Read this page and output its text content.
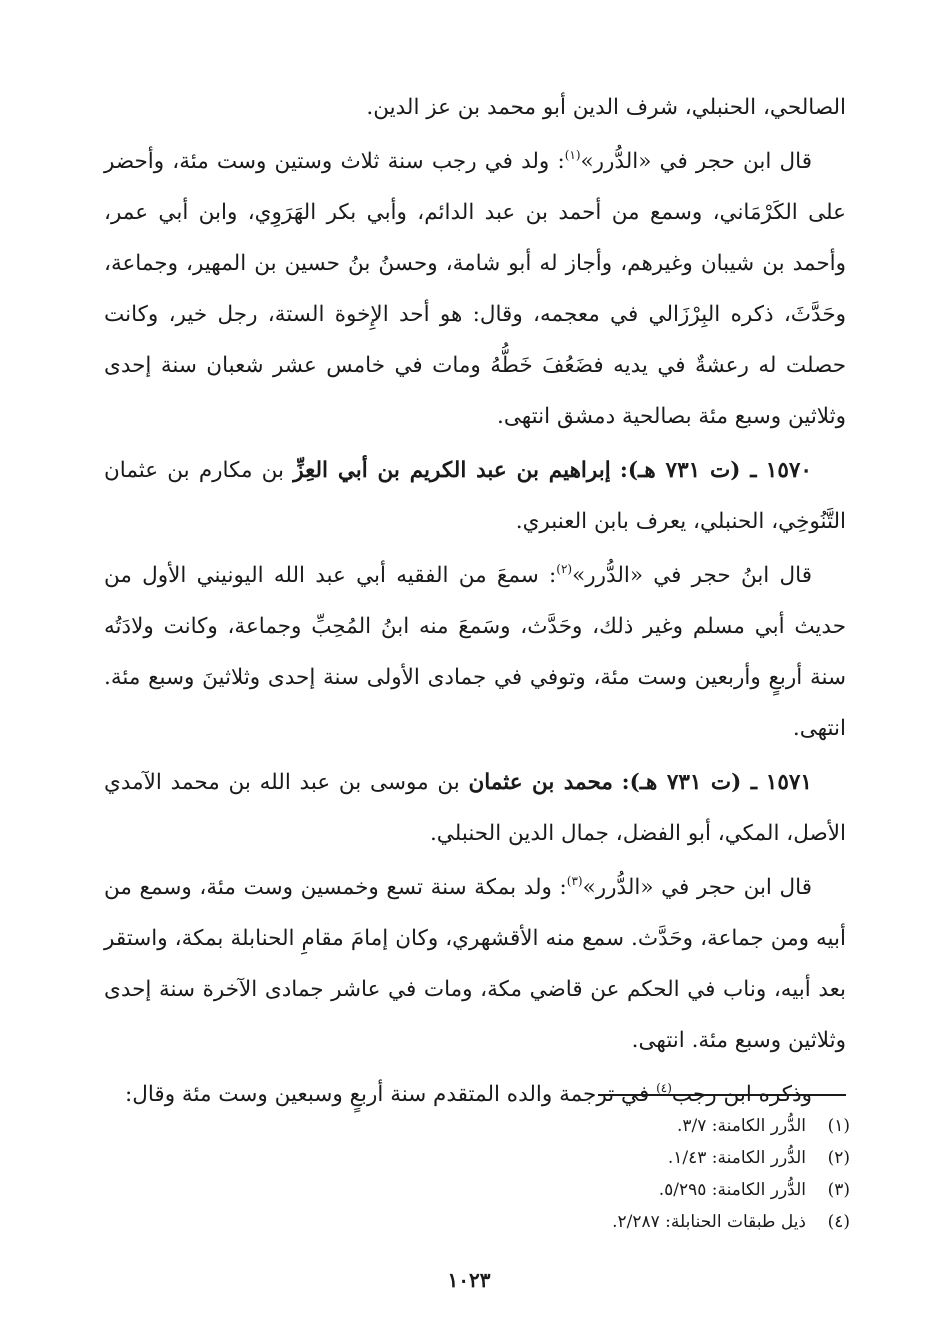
الصالحي، الحنبلي، شرف الدين أبو محمد بن عز الدين.

قال ابن حجر في «الدُّرر»$^{(١)}$: ولد في رجب سنة ثلاث وستين وست مئة، وأحضر على الكَرْمَاني، وسمع من أحمد بن عبد الدائم، وأبي بكر الهَرَوِي، وابن أبي عمر، وأحمد بن شيبان وغيرهم، وأجاز له أبو شامة، وحسنُ بنُ حسين بن المهير، وجماعة، وحَدَّثَ، ذكره البِرْزَالي في معجمه، وقال: هو أحد الإِخوة الستة، رجل خير، وكانت حصلت له رعشةٌ في يديه فضَعُفَ خَطُّهُ ومات في خامس عشر شعبان سنة إحدى وثلاثين وسبع مئة بصالحية دمشق انتهى.

١٥٧٠ ـ (ت ٧٣١ هـ): إبراهيم بن عبد الكريم بن أبي العِزِّ بن مكارم بن عثمان التَّنُوخِي، الحنبلي، يعرف بابن العنبري.

قال ابنُ حجر في «الدُّرر»$^{(٢)}$: سمعَ من الفقيه أبي عبد الله اليونيني الأول من حديث أبي مسلم وغير ذلك، وحَدَّث، وسَمعَ منه ابنُ المُحِبِّ وجماعة، وكانت ولادَتُه سنة أربعٍ وأربعين وست مئة، وتوفي في جمادى الأولى سنة إحدى وثلاثينَ وسبع مئة. انتهى.

١٥٧١ ـ (ت ٧٣١ هـ): محمد بن عثمان بن موسى بن عبد الله بن محمد الآمدي الأصل، المكي، أبو الفضل، جمال الدين الحنبلي.

قال ابن حجر في «الدُّرر»$^{(٣)}$: ولد بمكة سنة تسع وخمسين وست مئة، وسمع من أبيه ومن جماعة، وحَدَّث. سمع منه الأقشهري، وكان إمامَ مقامِ الحنابلة بمكة، واستقر بعد أبيه، وناب في الحكم عن قاضي مكة، ومات في عاشر جمادى الآخرة سنة إحدى وثلاثين وسبع مئة. انتهى.

وذكره ابن رجب$^{(٤)}$ في ترجمة والده المتقدم سنة أربعٍ وسبعين وست مئة وقال:

(١)الدُّرر الكامنة: ٣/٧.
(٢)الدُّرر الكامنة: ١/٤٣.
(٣)الدُّرر الكامنة: ٥/٢٩٥.
(٤)ذيل طبقات الحنابلة: ٢/٢٨٧.
١٠٢٣
